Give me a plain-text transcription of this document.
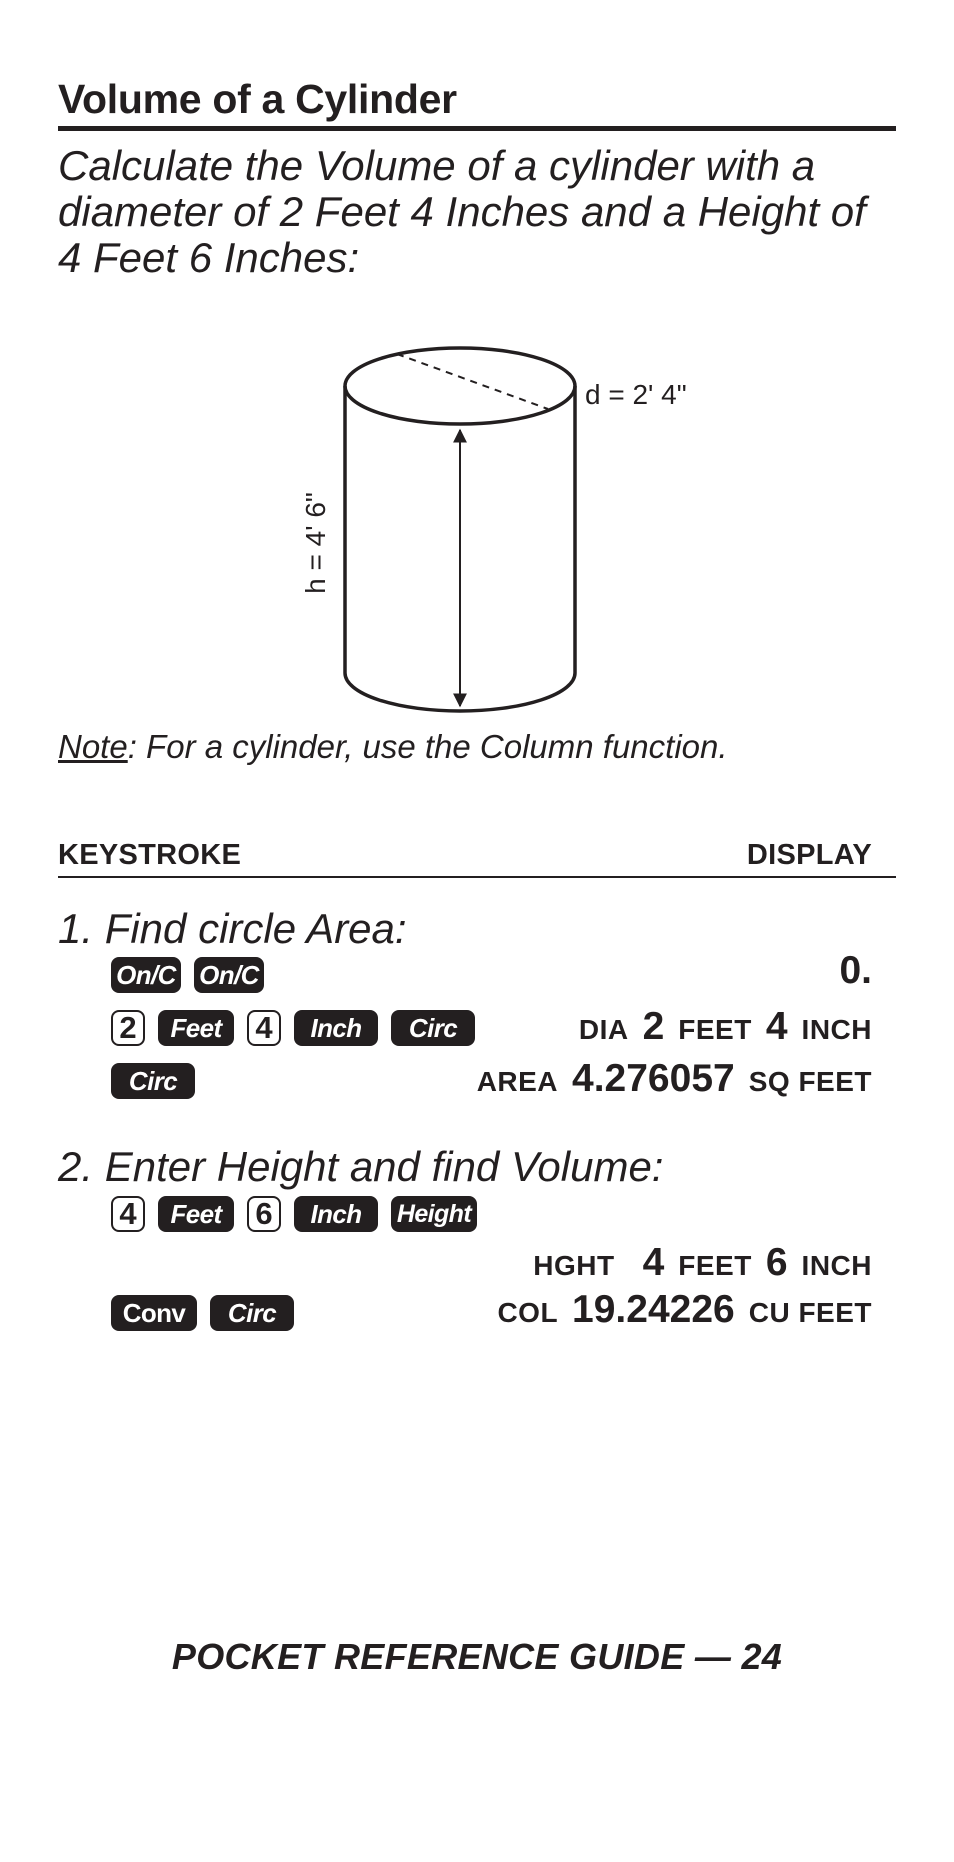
Volume of a Cylinder
Calculate the Volume of a cylinder with a diameter of 2 Feet 4 Inches and a Height of 4 Feet 6 Inches:
d = 2' 4"
h = 4' 6"
Note: For a cylinder, use the Column function.
KEYSTROKE	DISPLAY
1. Find circle Area:
On/C On/C	0.
2	Feet	4	Inch	Circ	DIA 2 FEET 4 INCH
Circ	AREA 4.276057 SQ FEET
2. Enter Height and find Volume:
4	Feet	6	Inch	Height
HGHT 4 FEET 6 INCH
Conv	Circ	COL 19.24226 CU FEET
POCKET REFERENCE GUIDE — 24
